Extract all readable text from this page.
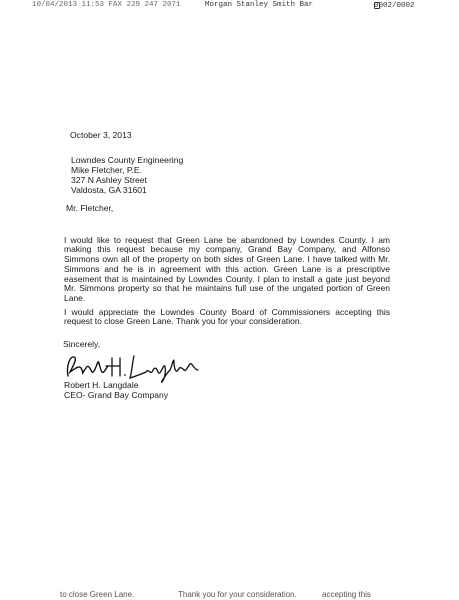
10/04/2013 11:53 FAX 229 247 2071	Morgan Stanley Smith Bar	0002/0002
October 3, 2013
Lowndes County Engineering
Mike Fletcher, P.E.
327 N Ashley Street
Valdosta, GA 31601
Mr. Fletcher,

I would like to request that Green Lane be abandoned by Lowndes County. I am making this request because my company, Grand Bay Company, and Alfonso Simmons own all of the property on both sides of Green Lane. I have talked with Mr. Simmons and he is in agreement with this action. Green Lane is a prescriptive easement that is maintained by Lowndes County. I plan to install a gate just beyond Mr. Simmons property so that he maintains full use of the ungated portion of Green Lane.

I would appreciate the Lowndes County Board of Commissioners accepting this request to close Green Lane. Thank you for your consideration.

Sincerely,
Robert H. Langdale
CEO- Grand Bay Company
to close Green Lane.	Thank you for your consideration.	accepting this
